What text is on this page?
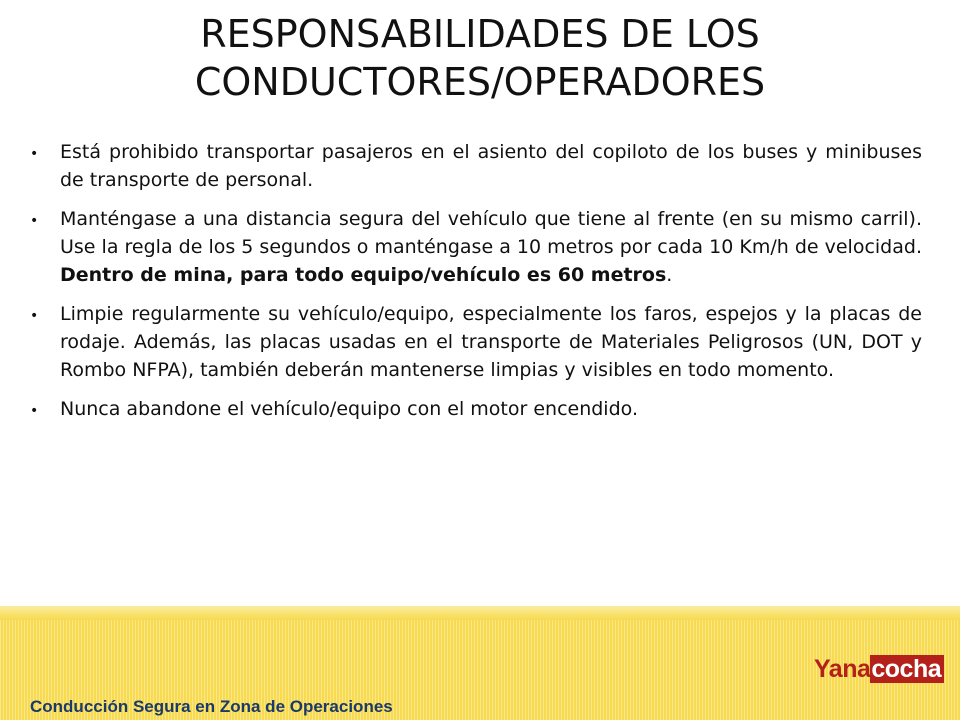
RESPONSABILIDADES DE LOS
CONDUCTORES/OPERADORES
• Está prohibido transportar pasajeros en el asiento del copiloto de los buses y minibuses de transporte de personal.
• Manténgase a una distancia segura del vehículo que tiene al frente (en su mismo carril). Use la regla de los 5 segundos o manténgase a 10 metros por cada 10 Km/h de velocidad. Dentro de mina, para todo equipo/vehículo es 60 metros.
• Limpie regularmente su vehículo/equipo, especialmente los faros, espejos y la placas de rodaje. Además, las placas usadas en el transporte de Materiales Peligrosos (UN, DOT y Rombo NFPA), también deberán mantenerse limpias y visibles en todo momento.
• Nunca abandone el vehículo/equipo con el motor encendido.
Yanacocha

Conducción Segura en Zona de Operaciones
